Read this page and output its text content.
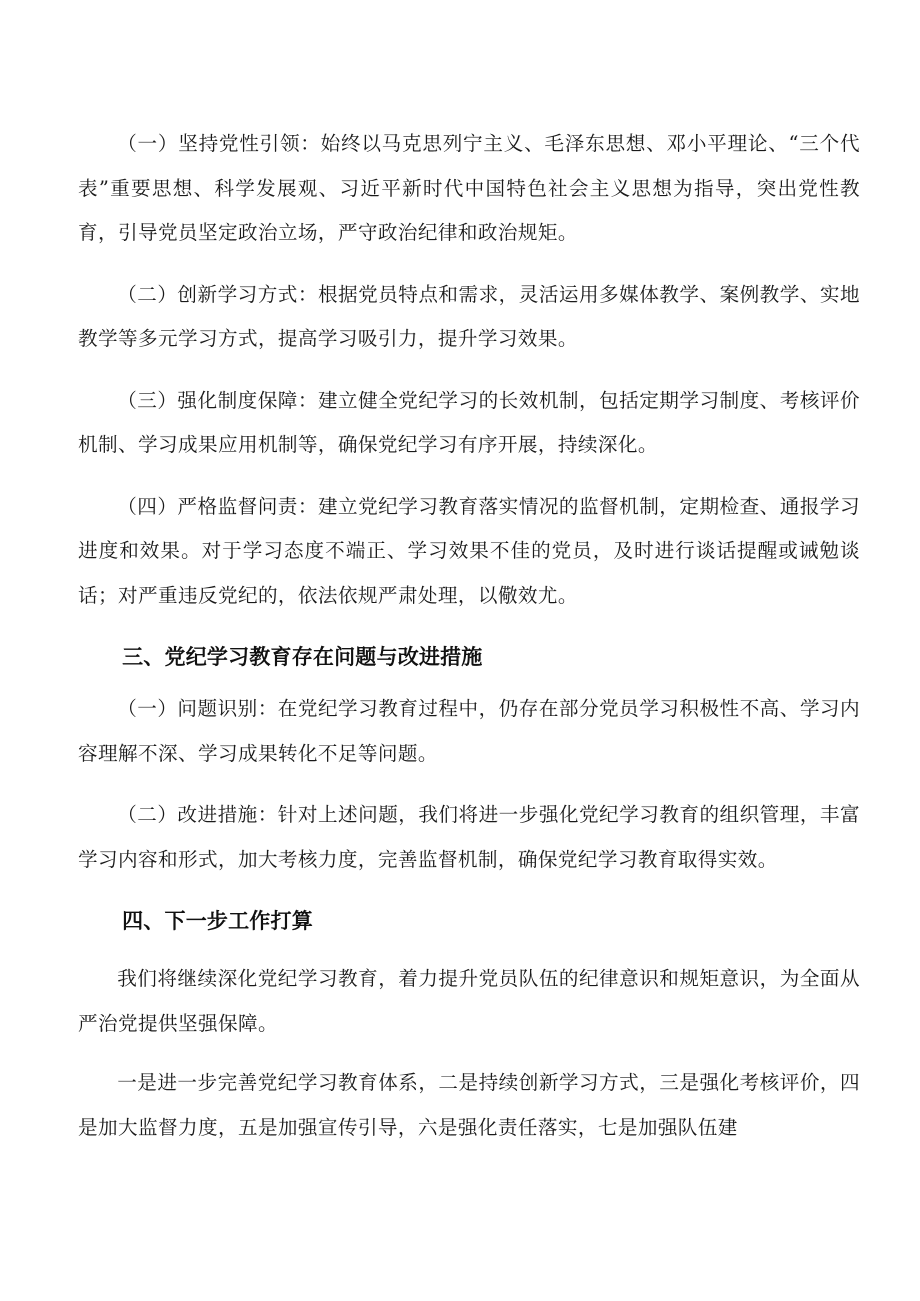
（一）坚持党性引领：始终以马克思列宁主义、毛泽东思想、邓小平理论、“三个代表”重要思想、科学发展观、习近平新时代中国特色社会主义思想为指导，突出党性教育，引导党员坚定政治立场，严守政治纪律和政治规矩。

（二）创新学习方式：根据党员特点和需求，灵活运用多媒体教学、案例教学、实地教学等多元学习方式，提高学习吸引力，提升学习效果。

（三）强化制度保障：建立健全党纪学习的长效机制，包括定期学习制度、考核评价机制、学习成果应用机制等，确保党纪学习有序开展，持续深化。

（四）严格监督问责：建立党纪学习教育落实情况的监督机制，定期检查、通报学习进度和效果。对于学习态度不端正、学习效果不佳的党员，及时进行谈话提醒或诫勉谈话；对严重违反党纪的，依法依规严肃处理，以儆效尤。

三、党纪学习教育存在问题与改进措施

（一）问题识别：在党纪学习教育过程中，仍存在部分党员学习积极性不高、学习内容理解不深、学习成果转化不足等问题。

（二）改进措施：针对上述问题，我们将进一步强化党纪学习教育的组织管理，丰富学习内容和形式，加大考核力度，完善监督机制，确保党纪学习教育取得实效。

四、下一步工作打算

我们将继续深化党纪学习教育，着力提升党员队伍的纪律意识和规矩意识，为全面从严治党提供坚强保障。

一是进一步完善党纪学习教育体系，二是持续创新学习方式，三是强化考核评价，四是加大监督力度，五是加强宣传引导，六是强化责任落实，七是加强队伍建
